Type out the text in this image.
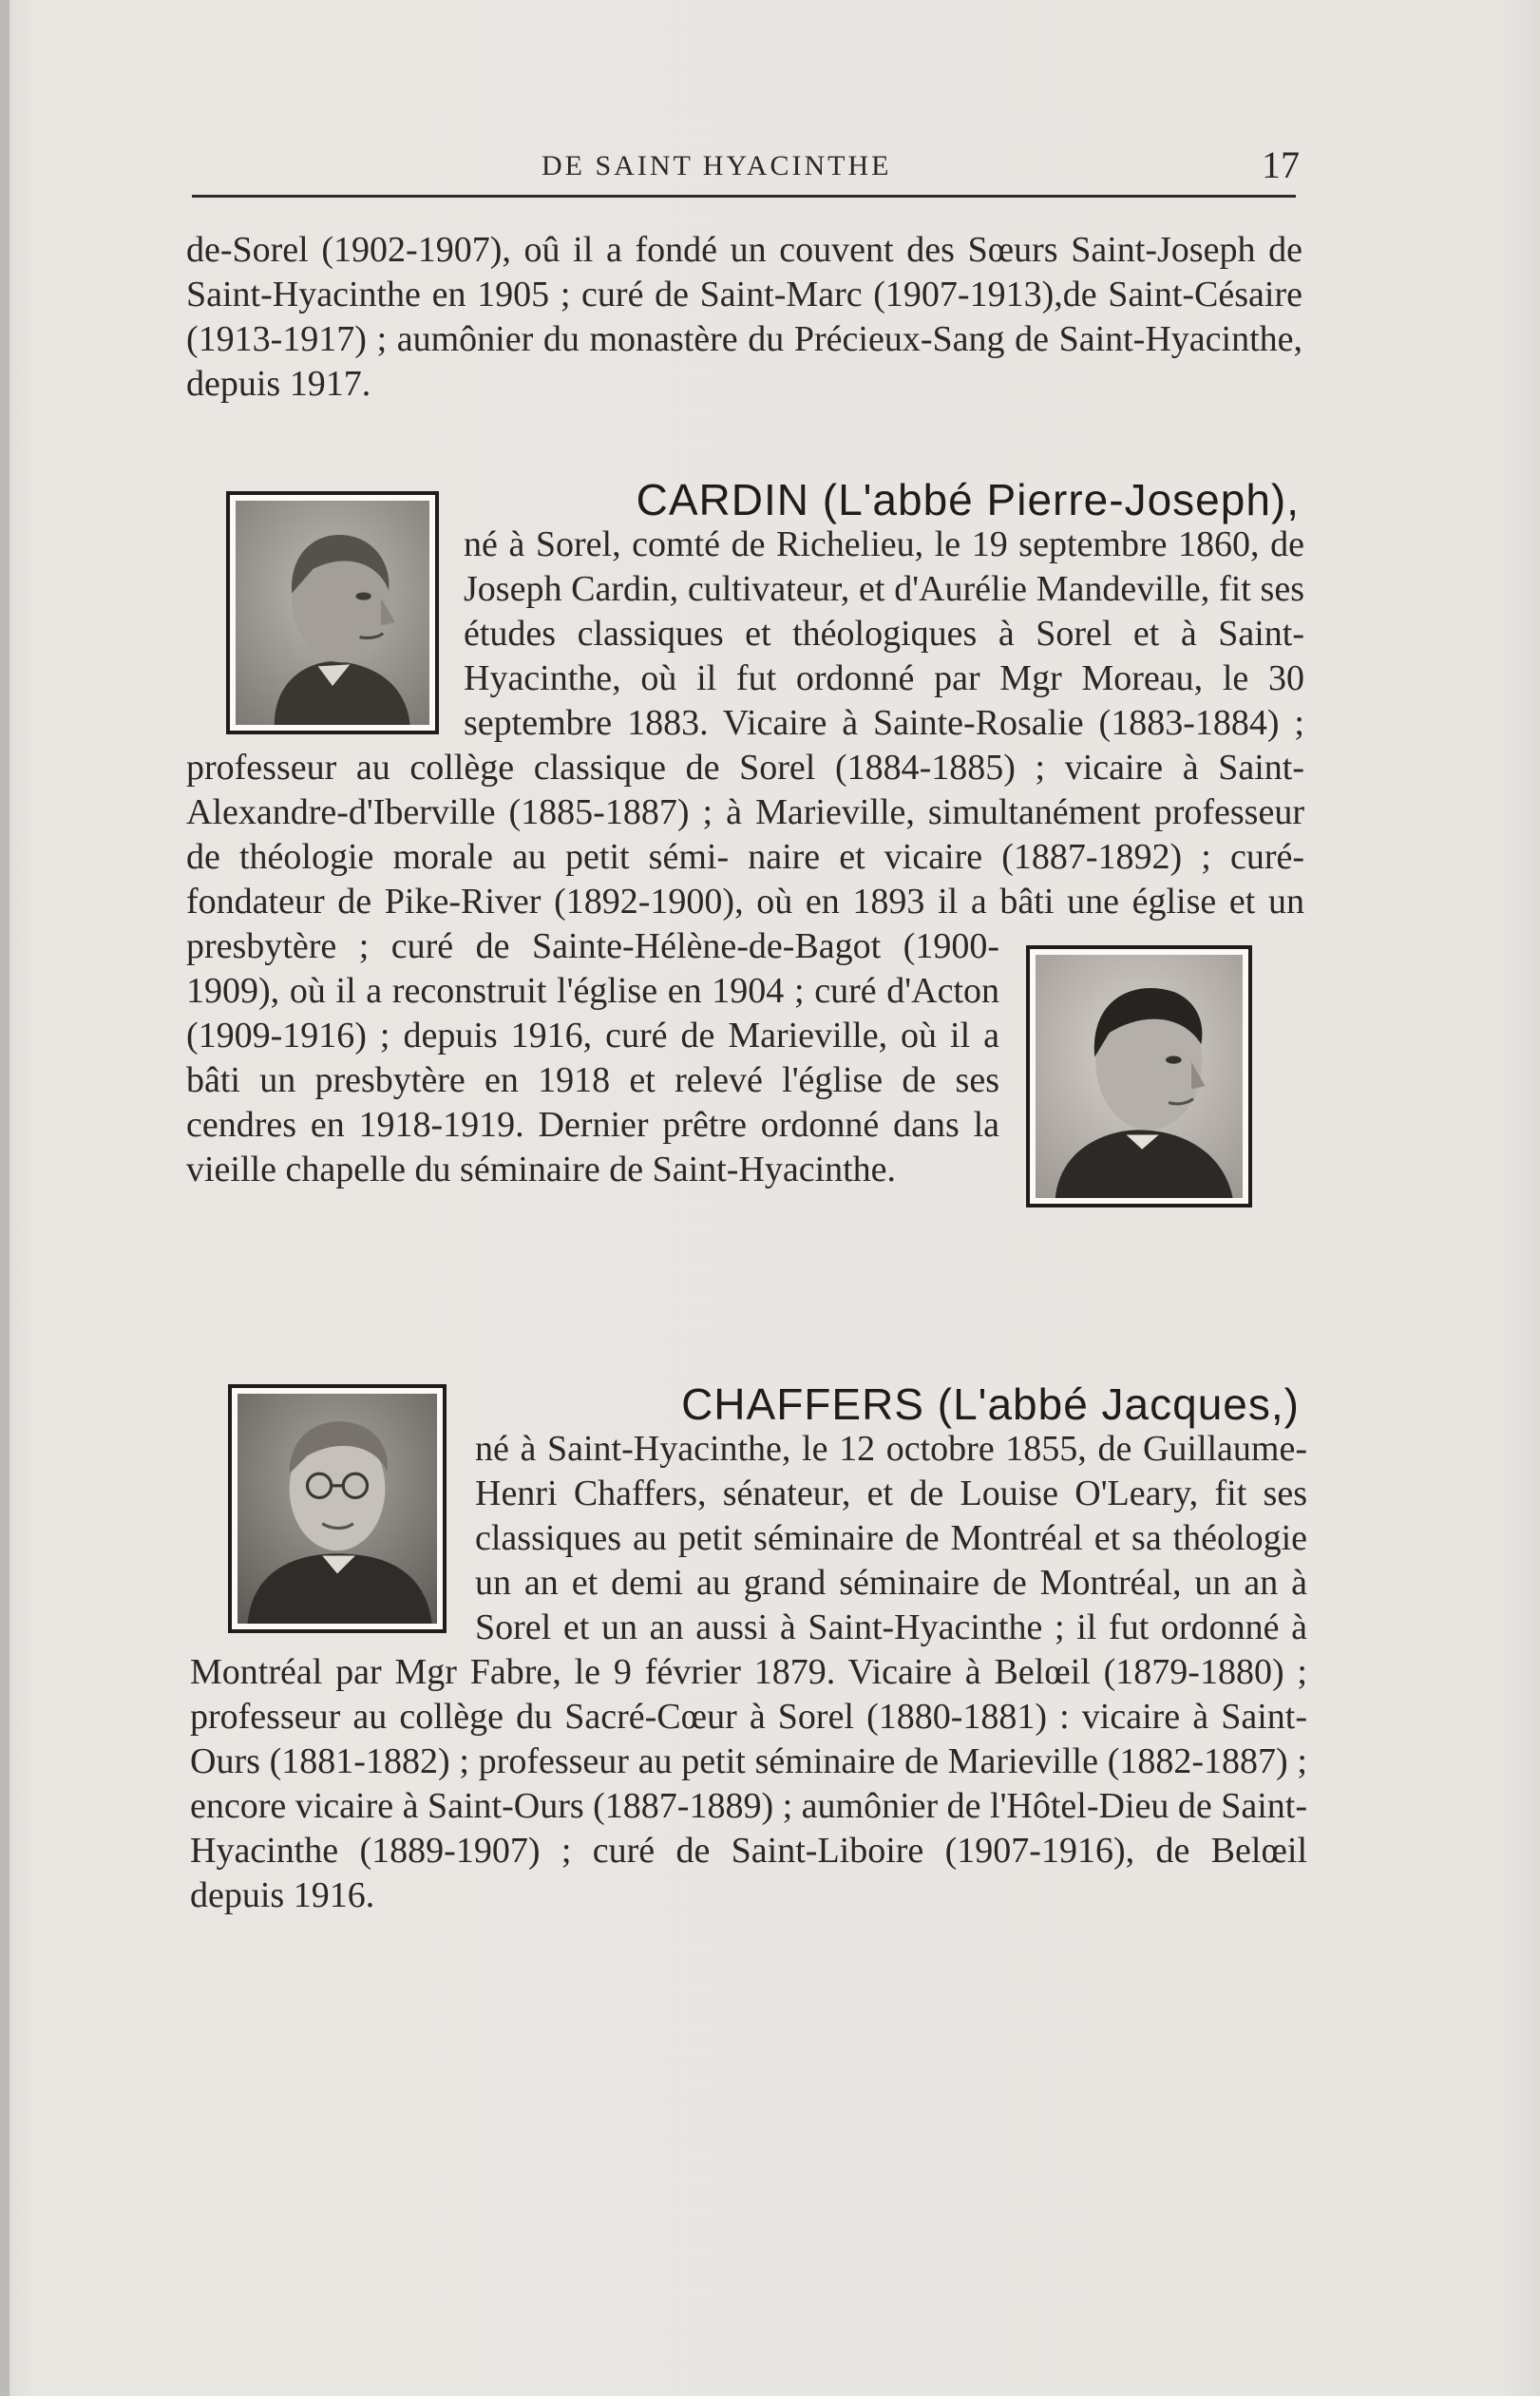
DE SAINT HYACINTHE	17

de-Sorel (1902-1907), oû il a fondé un couvent des Sœurs Saint-Joseph de Saint-Hyacinthe en 1905 ; curé de Saint-Marc (1907-1913),de Saint-Césaire (1913-1917) ; aumônier du monastère du Précieux-Sang de Saint-Hyacinthe, depuis 1917.

CARDIN (L'abbé Pierre-Joseph),
né à Sorel, comté de Richelieu, le 19 septembre 1860, de Joseph Cardin, cultivateur, et d'Aurélie Mandeville, fit ses études classiques et théologiques à Sorel et à Saint-Hyacinthe, où il fut ordonné par Mgr Moreau, le 30 septembre 1883. Vicaire à Sainte-Rosalie (1883-1884) ; professeur au collège classique de Sorel (1884-1885) ; vicaire à Saint-Alexandre-d'Iberville (1885-1887) ; à Marieville, simultanément professeur de théologie morale au petit sémi- naire et vicaire (1887-1892) ; curé-fondateur de Pike-River (1892-1900), où en 1893 il a bâti une église et un presbytère ; curé de Sainte-Hélène-de-Bagot (1900-1909), où il a reconstruit l'église en 1904 ; curé d'Acton (1909-1916) ; depuis 1916, curé de Marieville, où il a bâti un presbytère en 1918 et relevé l'église de ses cendres en 1918-1919. Dernier prêtre ordonné dans la vieille chapelle du séminaire de Saint-Hyacinthe.
CHAFFERS (L'abbé Jacques,)
né à Saint-Hyacinthe, le 12 octobre 1855, de Guillaume-Henri Chaffers, sénateur, et de Louise O'Leary, fit ses classiques au petit séminaire de Montréal et sa théologie un an et demi au grand séminaire de Montréal, un an à Sorel et un an aussi à Saint-Hyacinthe ; il fut ordonné à Montréal par Mgr Fabre, le 9 février 1879. Vicaire à Belœil (1879-1880) ; professeur au collège du Sacré-Cœur à Sorel (1880-1881) : vicaire à Saint-Ours (1881-1882) ; professeur au petit séminaire de Marieville (1882-1887) ; encore vicaire à Saint-Ours (1887-1889) ; aumônier de l'Hôtel-Dieu de Saint-Hyacinthe (1889-1907) ; curé de Saint-Liboire (1907-1916), de Belœil depuis 1916.
